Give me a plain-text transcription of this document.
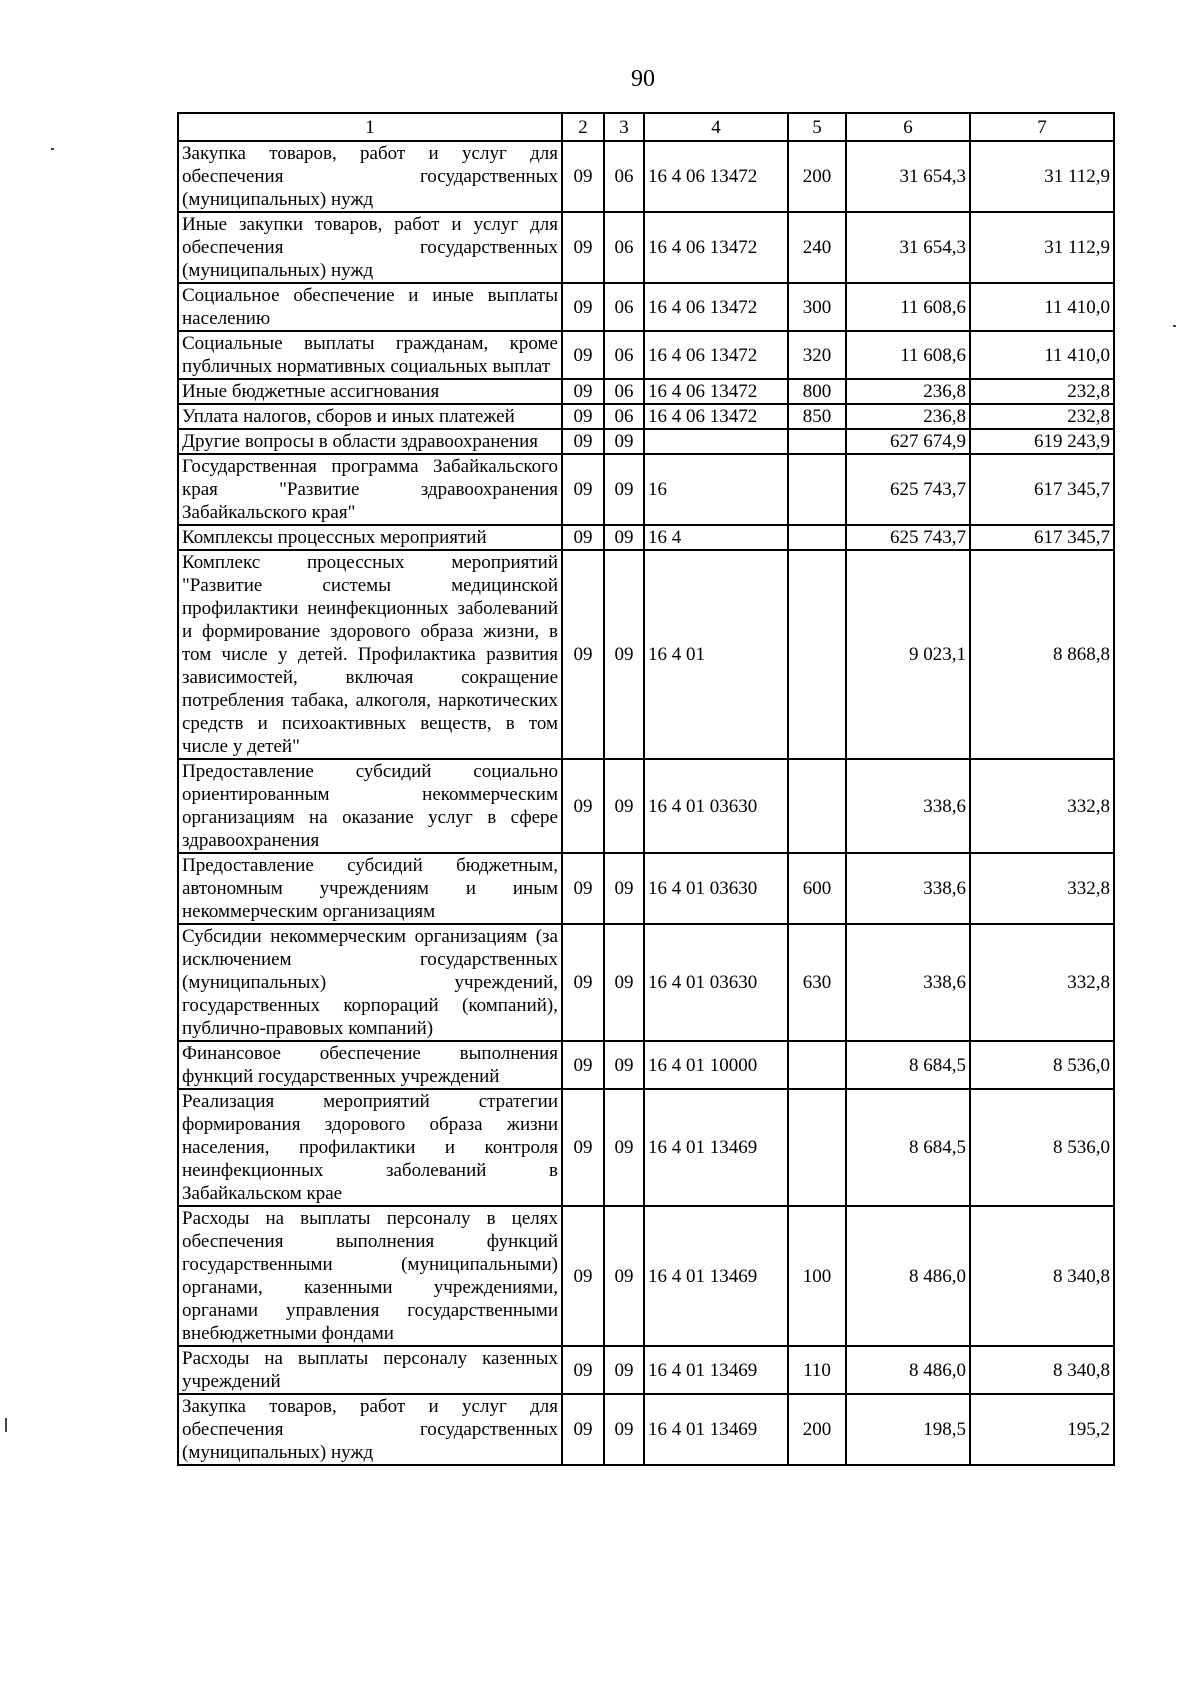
90
1	2	3	4	5	6	7
Закупка товаров, работ и услуг для обеспечения государственных (муниципальных) нужд	09	06	16 4 06 13472	200	31 654,3	31 112,9
Иные закупки товаров, работ и услуг для обеспечения государственных (муниципальных) нужд	09	06	16 4 06 13472	240	31 654,3	31 112,9
Социальное обеспечение и иные выплаты населению	09	06	16 4 06 13472	300	11 608,6	11 410,0
Социальные выплаты гражданам, кроме публичных нормативных социальных выплат	09	06	16 4 06 13472	320	11 608,6	11 410,0
Иные бюджетные ассигнования	09	06	16 4 06 13472	800	236,8	232,8
Уплата налогов, сборов и иных платежей	09	06	16 4 06 13472	850	236,8	232,8
Другие вопросы в области здравоохранения	09	09			627 674,9	619 243,9
Государственная программа Забайкальского края "Развитие здравоохранения Забайкальского края"	09	09	16		625 743,7	617 345,7
Комплексы процессных мероприятий	09	09	16 4		625 743,7	617 345,7
Комплекс процессных мероприятий "Развитие системы медицинской профилактики неинфекционных заболеваний и формирование здорового образа жизни, в том числе у детей. Профилактика развития зависимостей, включая сокращение потребления табака, алкоголя, наркотических средств и психоактивных веществ, в том числе у детей"	09	09	16 4 01		9 023,1	8 868,8
Предоставление субсидий социально ориентированным некоммерческим организациям на оказание услуг в сфере здравоохранения	09	09	16 4 01 03630		338,6	332,8
Предоставление субсидий бюджетным, автономным учреждениям и иным некоммерческим организациям	09	09	16 4 01 03630	600	338,6	332,8
Субсидии некоммерческим организациям (за исключением государственных (муниципальных) учреждений, государственных корпораций (компаний), публично-правовых компаний)	09	09	16 4 01 03630	630	338,6	332,8
Финансовое обеспечение выполнения функций государственных учреждений	09	09	16 4 01 10000		8 684,5	8 536,0
Реализация мероприятий стратегии формирования здорового образа жизни населения, профилактики и контроля неинфекционных заболеваний в Забайкальском крае	09	09	16 4 01 13469		8 684,5	8 536,0
Расходы на выплаты персоналу в целях обеспечения выполнения функций государственными (муниципальными) органами, казенными учреждениями, органами управления государственными внебюджетными фондами	09	09	16 4 01 13469	100	8 486,0	8 340,8
Расходы на выплаты персоналу казенных учреждений	09	09	16 4 01 13469	110	8 486,0	8 340,8
Закупка товаров, работ и услуг для обеспечения государственных (муниципальных) нужд	09	09	16 4 01 13469	200	198,5	195,2
